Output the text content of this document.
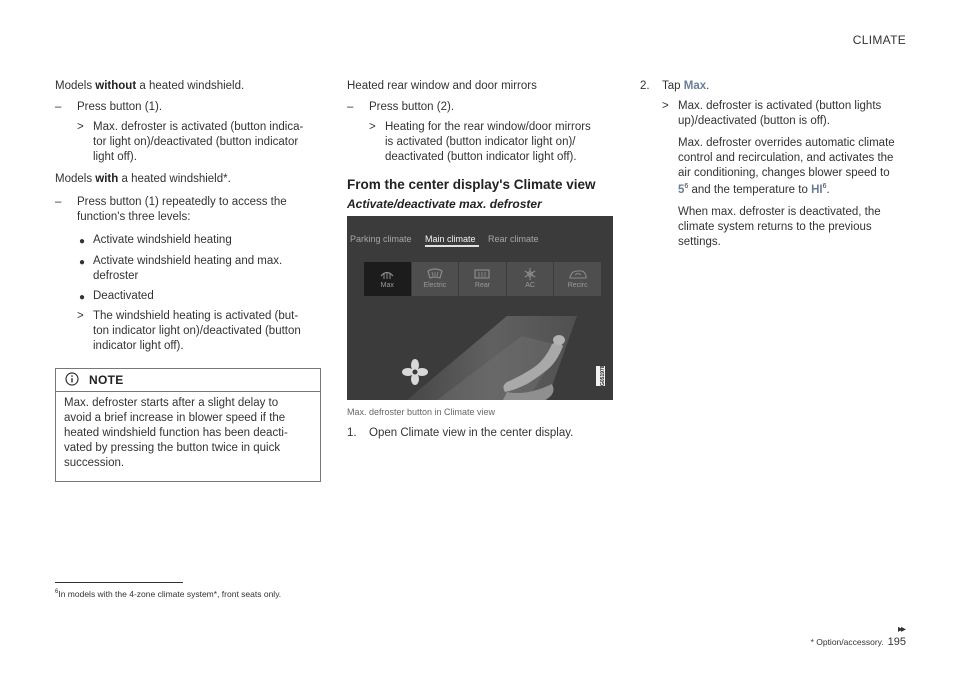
CLIMATE

Models without a heated windshield.

– Press button (1).

> Max. defroster is activated (button indica-

tor light on)/deactivated (button indicator

light off).

Models with a heated windshield*.

– Press button (1) repeatedly to access the

function's three levels:

● Activate windshield heating

● Activate windshield heating and max.

defroster

● Deactivated

> The windshield heating is activated (but-

ton indicator light on)/deactivated (button

indicator light off).

NOTE

Max. defroster starts after a slight delay to

avoid a brief increase in blower speed if the

heated windshield function has been deacti-

vated by pressing the button twice in quick

succession.

Heated rear window and door mirrors

– Press button (2).

> Heating for the rear window/door mirrors

is activated (button indicator light on)/

deactivated (button indicator light off).

From the center display's Climate view

Activate/deactivate max. defroster

Max. defroster button in Climate view

1. Open Climate view in the center display.

Parking climate Main climate Rear climate
Max	Electric	Rear	AC	Recirc
G051978
2. Tap Max.

> Max. defroster is activated (button lights

up)/deactivated (button is off).

Max. defroster overrides automatic climate

control and recirculation, and activates the

air conditioning, changes blower speed to

$5^6$ and the temperature to $HI^6$.

When max. defroster is deactivated, the

climate system returns to the previous

settings.

$^6$In models with the 4-zone climate system*, front seats only.

▸▸
* Option/accessory. 195
